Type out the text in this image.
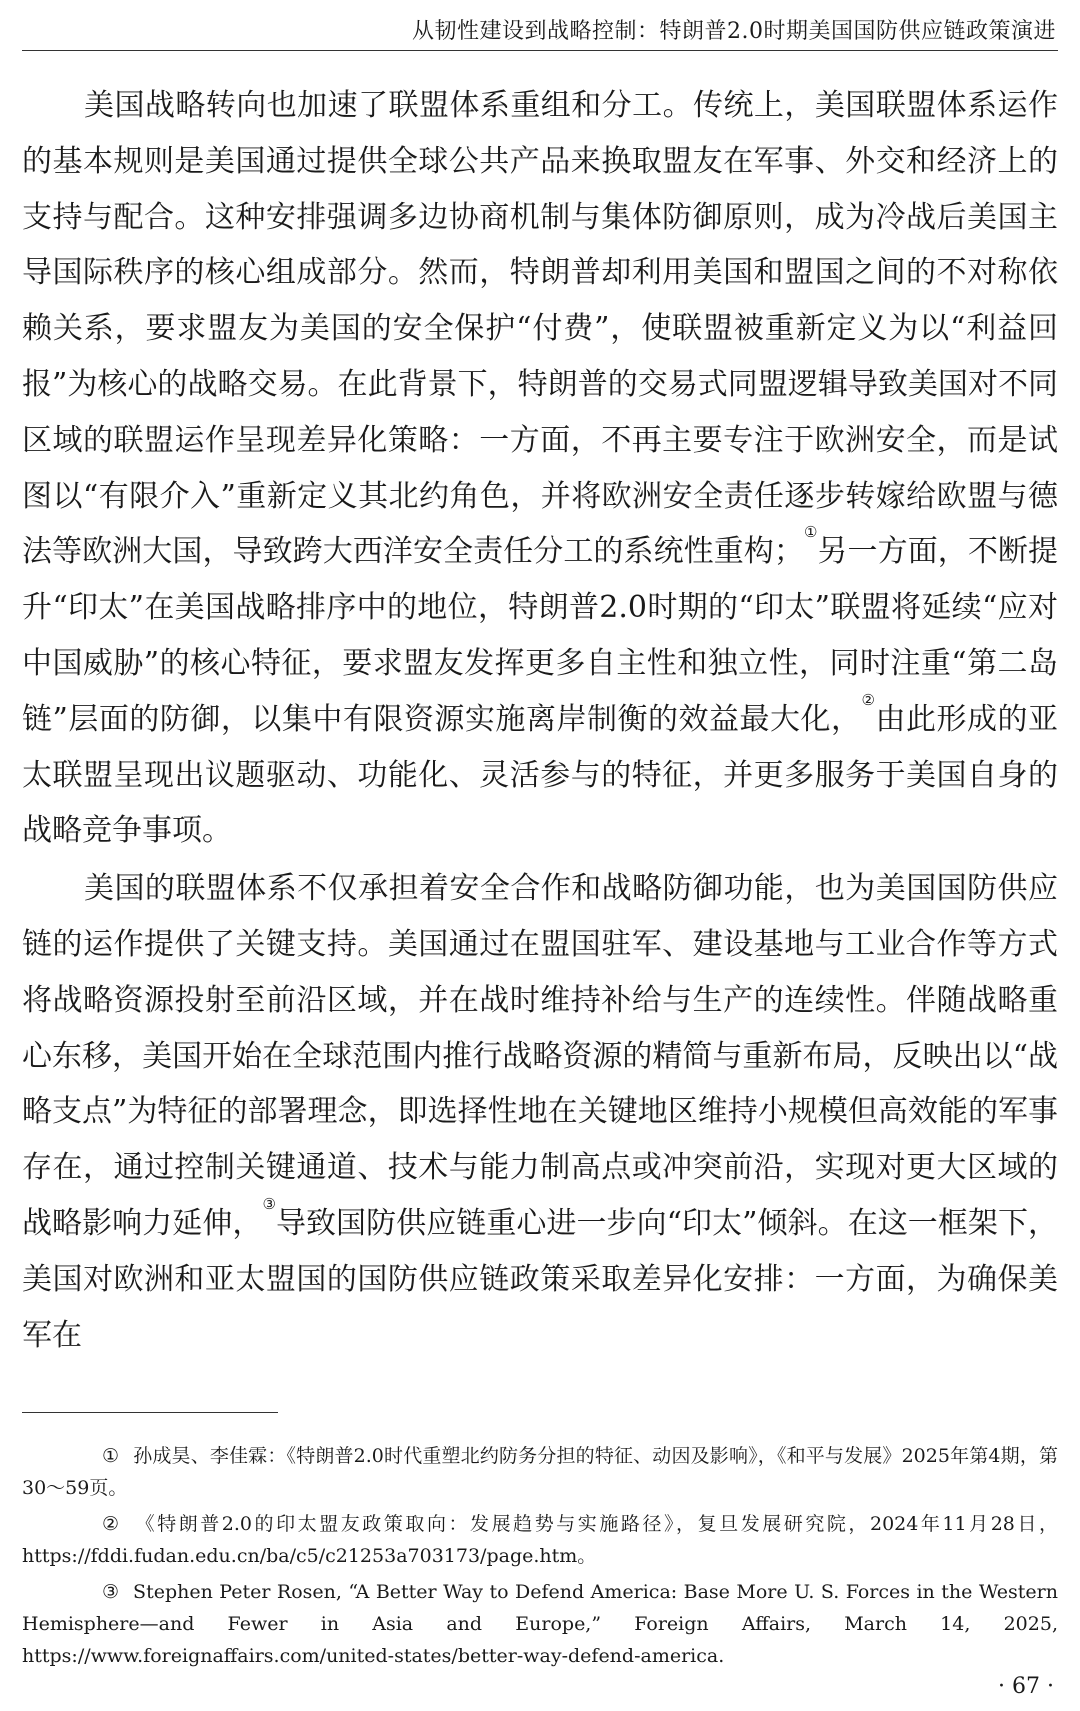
从韧性建设到战略控制：特朗普2.0时期美国国防供应链政策演进

美国战略转向也加速了联盟体系重组和分工。传统上，美国联盟体系运作的基本规则是美国通过提供全球公共产品来换取盟友在军事、外交和经济上的支持与配合。这种安排强调多边协商机制与集体防御原则，成为冷战后美国主导国际秩序的核心组成部分。然而，特朗普却利用美国和盟国之间的不对称依赖关系，要求盟友为美国的安全保护“付费”，使联盟被重新定义为以“利益回报”为核心的战略交易。在此背景下，特朗普的交易式同盟逻辑导致美国对不同区域的联盟运作呈现差异化策略：一方面，不再主要专注于欧洲安全，而是试图以“有限介入”重新定义其北约角色，并将欧洲安全责任逐步转嫁给欧盟与德法等欧洲大国，导致跨大西洋安全责任分工的系统性重构；①另一方面，不断提升“印太”在美国战略排序中的地位，特朗普2.0时期的“印太”联盟将延续“应对中国威胁”的核心特征，要求盟友发挥更多自主性和独立性，同时注重“第二岛链”层面的防御，以集中有限资源实施离岸制衡的效益最大化，②由此形成的亚太联盟呈现出议题驱动、功能化、灵活参与的特征，并更多服务于美国自身的战略竞争事项。

美国的联盟体系不仅承担着安全合作和战略防御功能，也为美国国防供应链的运作提供了关键支持。美国通过在盟国驻军、建设基地与工业合作等方式将战略资源投射至前沿区域，并在战时维持补给与生产的连续性。伴随战略重心东移，美国开始在全球范围内推行战略资源的精简与重新布局，反映出以“战略支点”为特征的部署理念，即选择性地在关键地区维持小规模但高效能的军事存在，通过控制关键通道、技术与能力制高点或冲突前沿，实现对更大区域的战略影响力延伸，③导致国防供应链重心进一步向“印太”倾斜。在这一框架下，美国对欧洲和亚太盟国的国防供应链政策采取差异化安排：一方面，为确保美军在

① 孙成昊、李佳霖：《特朗普2.0时代重塑北约防务分担的特征、动因及影响》，《和平与发展》2025年第4期，第30～59页。

② 《特朗普2.0的印太盟友政策取向：发展趋势与实施路径》，复旦发展研究院，2024年11月28日，https://fddi.fudan.edu.cn/ba/c5/c21253a703173/page.htm。

③ Stephen Peter Rosen, “A Better Way to Defend America: Base More U. S. Forces in the Western Hemisphere—and Fewer in Asia and Europe,” Foreign Affairs, March 14, 2025, https://www.foreignaffairs.com/united-states/better-way-defend-america.

· 67 ·
